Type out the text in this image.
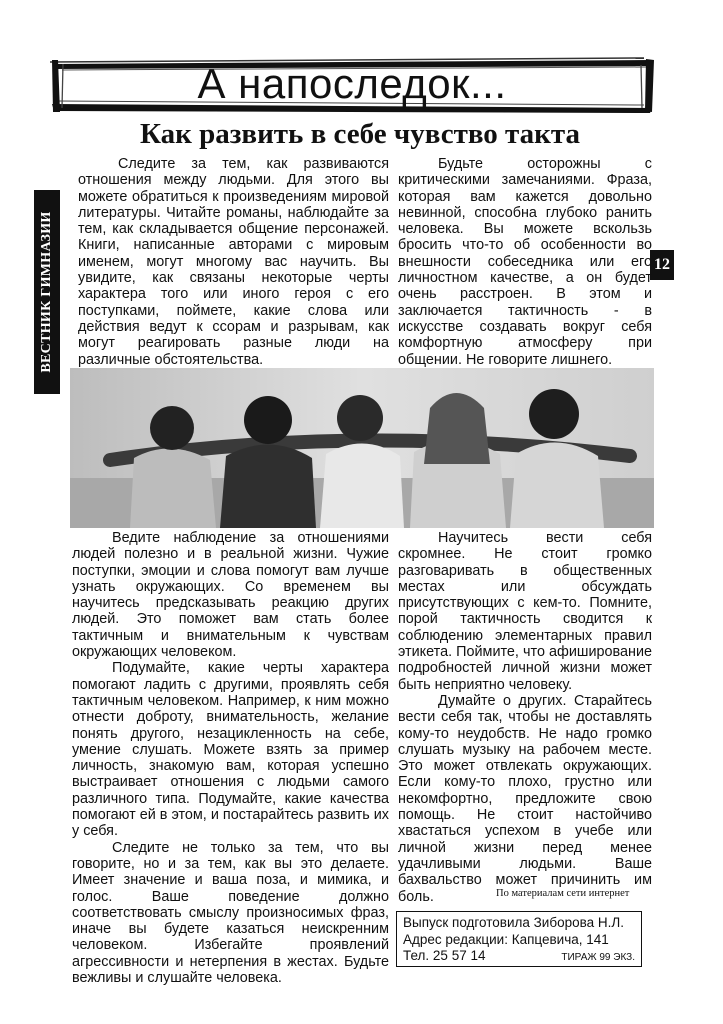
А напоследок...
Как развить в себе чувство такта
ВЕСТНИК ГИМНАЗИИ	12

Следите за тем, как развиваются отношения между людьми. Для этого вы можете обратиться к произведениям мировой литературы. Читайте романы, наблюдайте за тем, как складывается общение персонажей. Книги, написанные авторами с мировым именем, могут многому вас научить. Вы увидите, как связаны некоторые черты характера того или иного героя с его поступками, поймете, какие слова или действия ведут к ссорам и разрывам, как могут реагировать разные люди на различные обстоятельства.

Будьте осторожны с критическими замечаниями. Фраза, которая вам кажется довольно невинной, способна глубоко ранить человека. Вы можете вскользь бросить что-то об особенности во внешности собеседника или его личностном качестве, а он будет очень расстроен. В этом и заключается тактичность - в искусстве создавать вокруг себя комфортную атмосферу при общении. Не говорите лишнего.

Ведите наблюдение за отношениями людей полезно и в реальной жизни. Чужие поступки, эмоции и слова помогут вам лучше узнать окружающих. Со временем вы научитесь предсказывать реакцию других людей. Это поможет вам стать более тактичным и внимательным к чувствам окружающих человеком.

Подумайте, какие черты характера помогают ладить с другими, проявлять себя тактичным человеком. Например, к ним можно отнести доброту, внимательность, желание понять другого, незацикленность на себе, умение слушать. Можете взять за пример личность, знакомую вам, которая успешно выстраивает отношения с людьми самого различного типа. Подумайте, какие качества помогают ей в этом, и постарайтесь развить их у себя.

Следите не только за тем, что вы говорите, но и за тем, как вы это делаете. Имеет значение и ваша поза, и мимика, и голос. Ваше поведение должно соответствовать смыслу произносимых фраз, иначе вы будете казаться неискренним человеком. Избегайте проявлений агрессивности и нетерпения в жестах. Будьте вежливы и слушайте человека.

Научитесь вести себя скромнее. Не стоит громко разговаривать в общественных местах или обсуждать присутствующих с кем-то. Помните, порой тактичность сводится к соблюдению элементарных правил этикета. Поймите, что афиширование подробностей личной жизни может быть неприятно человеку.

Думайте о других. Старайтесь вести себя так, чтобы не доставлять кому-то неудобств. Не надо громко слушать музыку на рабочем месте. Это может отвлекать окружающих. Если кому-то плохо, грустно или некомфортно, предложите свою помощь. Не стоит настойчиво хвастаться успехом в учебе или личной жизни перед менее удачливыми людьми. Ваше бахвальство может причинить им боль.	По материалам сети интернет
Выпуск подготовила Зиборова Н.Л.
Адрес редакции: Капцевича, 141
Тел. 25 57 14	ТИРАЖ 99 ЭКЗ.
